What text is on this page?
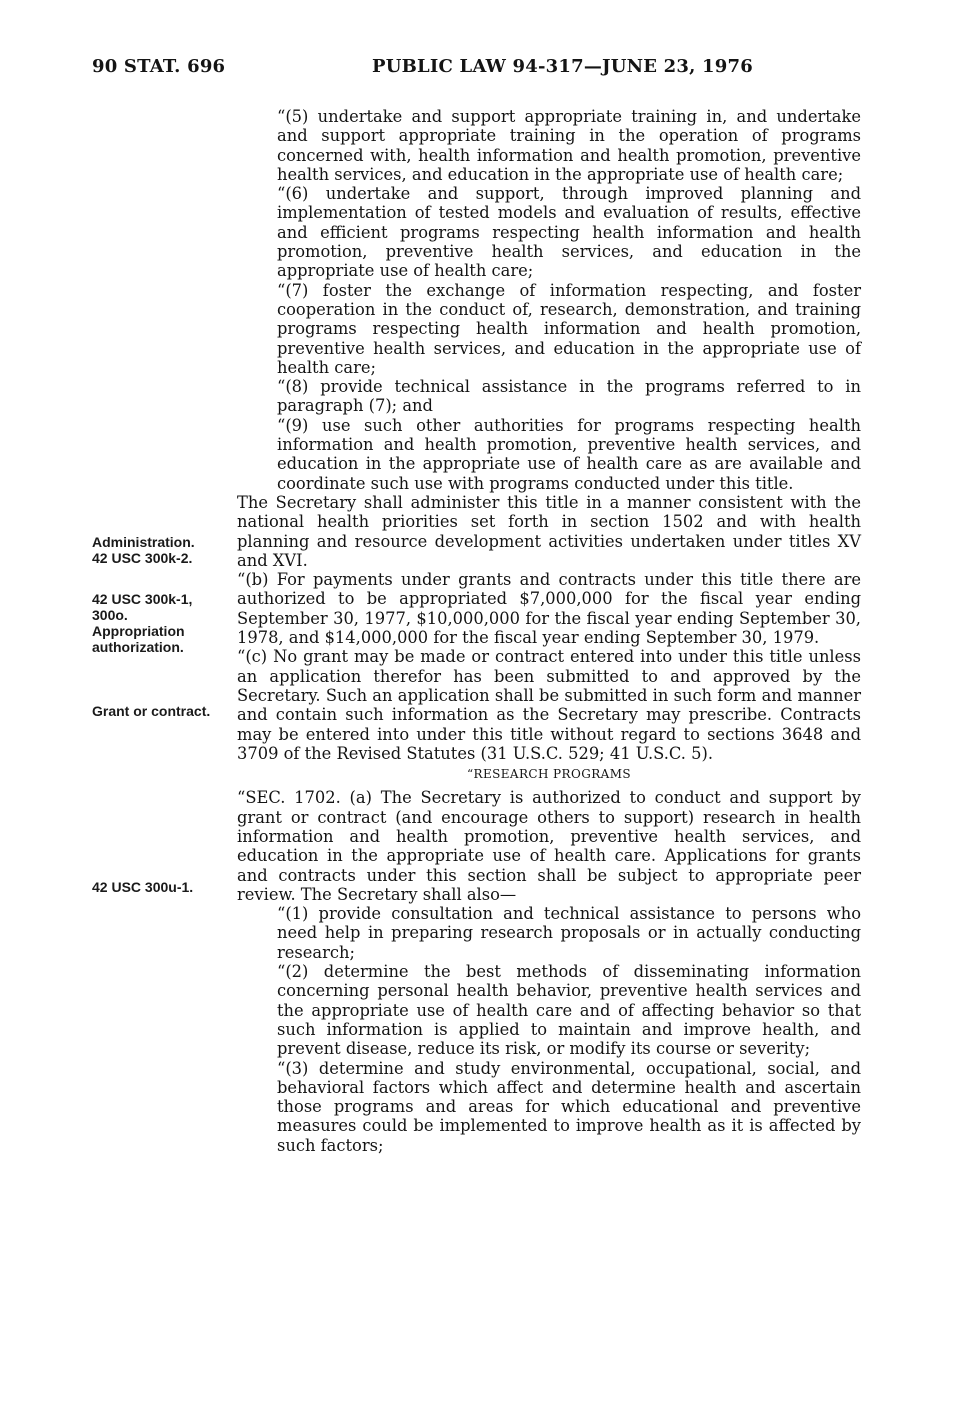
90 STAT. 696	PUBLIC LAW 94-317—JUNE 23, 1976
Administration.
42 USC 300k-2.
42 USC 300k-1,
300o.
Appropriation
authorization.
Grant or contract.
42 USC 300u-1.

“(5) undertake and support appropriate training in, and undertake and support appropriate training in the operation of programs concerned with, health information and health promotion, preventive health services, and education in the appropriate use of health care;

“(6) undertake and support, through improved planning and implementation of tested models and evaluation of results, effective and efficient programs respecting health information and health promotion, preventive health services, and education in the appropriate use of health care;

“(7) foster the exchange of information respecting, and foster cooperation in the conduct of, research, demonstration, and training programs respecting health information and health promotion, preventive health services, and education in the appropriate use of health care;

“(8) provide technical assistance in the programs referred to in paragraph (7); and

“(9) use such other authorities for programs respecting health information and health promotion, preventive health services, and education in the appropriate use of health care as are available and coordinate such use with programs conducted under this title.

The Secretary shall administer this title in a manner consistent with the national health priorities set forth in section 1502 and with health planning and resource development activities undertaken under titles XV and XVI.

“(b) For payments under grants and contracts under this title there are authorized to be appropriated $7,000,000 for the fiscal year ending September 30, 1977, $10,000,000 for the fiscal year ending September 30, 1978, and $14,000,000 for the fiscal year ending September 30, 1979.

“(c) No grant may be made or contract entered into under this title unless an application therefor has been submitted to and approved by the Secretary. Such an application shall be submitted in such form and manner and contain such information as the Secretary may prescribe. Contracts may be entered into under this title without regard to sections 3648 and 3709 of the Revised Statutes (31 U.S.C. 529; 41 U.S.C. 5).

“RESEARCH PROGRAMS

“SEC. 1702. (a) The Secretary is authorized to conduct and support by grant or contract (and encourage others to support) research in health information and health promotion, preventive health services, and education in the appropriate use of health care. Applications for grants and contracts under this section shall be subject to appropriate peer review. The Secretary shall also—

“(1) provide consultation and technical assistance to persons who need help in preparing research proposals or in actually conducting research;

“(2) determine the best methods of disseminating information concerning personal health behavior, preventive health services and the appropriate use of health care and of affecting behavior so that such information is applied to maintain and improve health, and prevent disease, reduce its risk, or modify its course or severity;

“(3) determine and study environmental, occupational, social, and behavioral factors which affect and determine health and ascertain those programs and areas for which educational and preventive measures could be implemented to improve health as it is affected by such factors;
